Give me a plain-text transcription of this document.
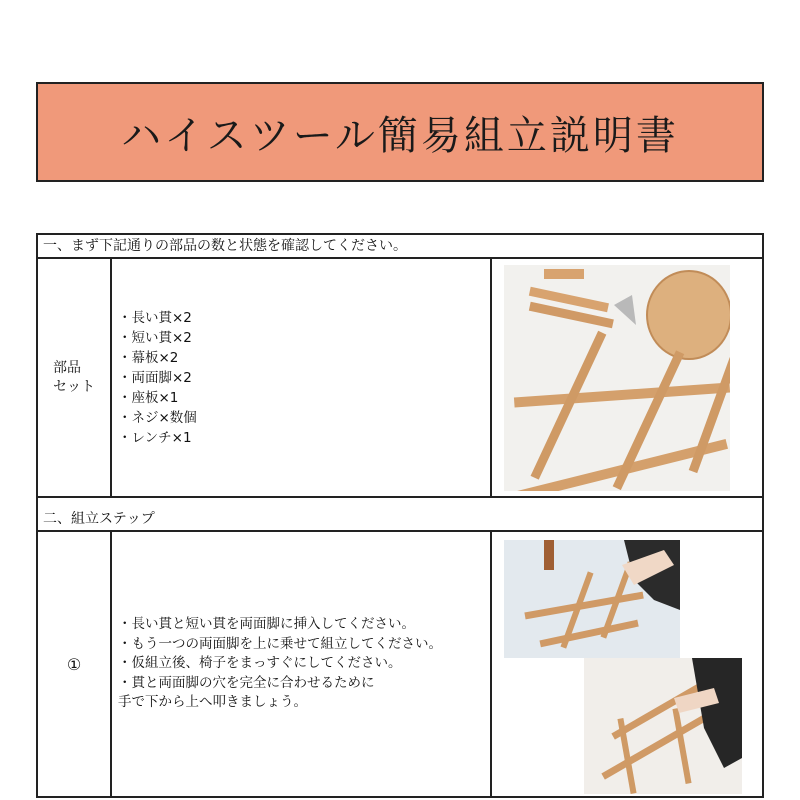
ハイスツール簡易組立説明書
一、まず下記通りの部品の数と状態を確認してください。
部品
セット
・長い貫×2
・短い貫×2
・幕板×2
・両面脚×2
・座板×1
・ネジ×数個
・レンチ×1
二、組立ステップ
①
・長い貫と短い貫を両面脚に挿入してください。
・もう一つの両面脚を上に乗せて組立してください。
・仮組立後、椅子をまっすぐにしてください。
・貫と両面脚の穴を完全に合わせるために
手で下から上へ叩きましょう。
